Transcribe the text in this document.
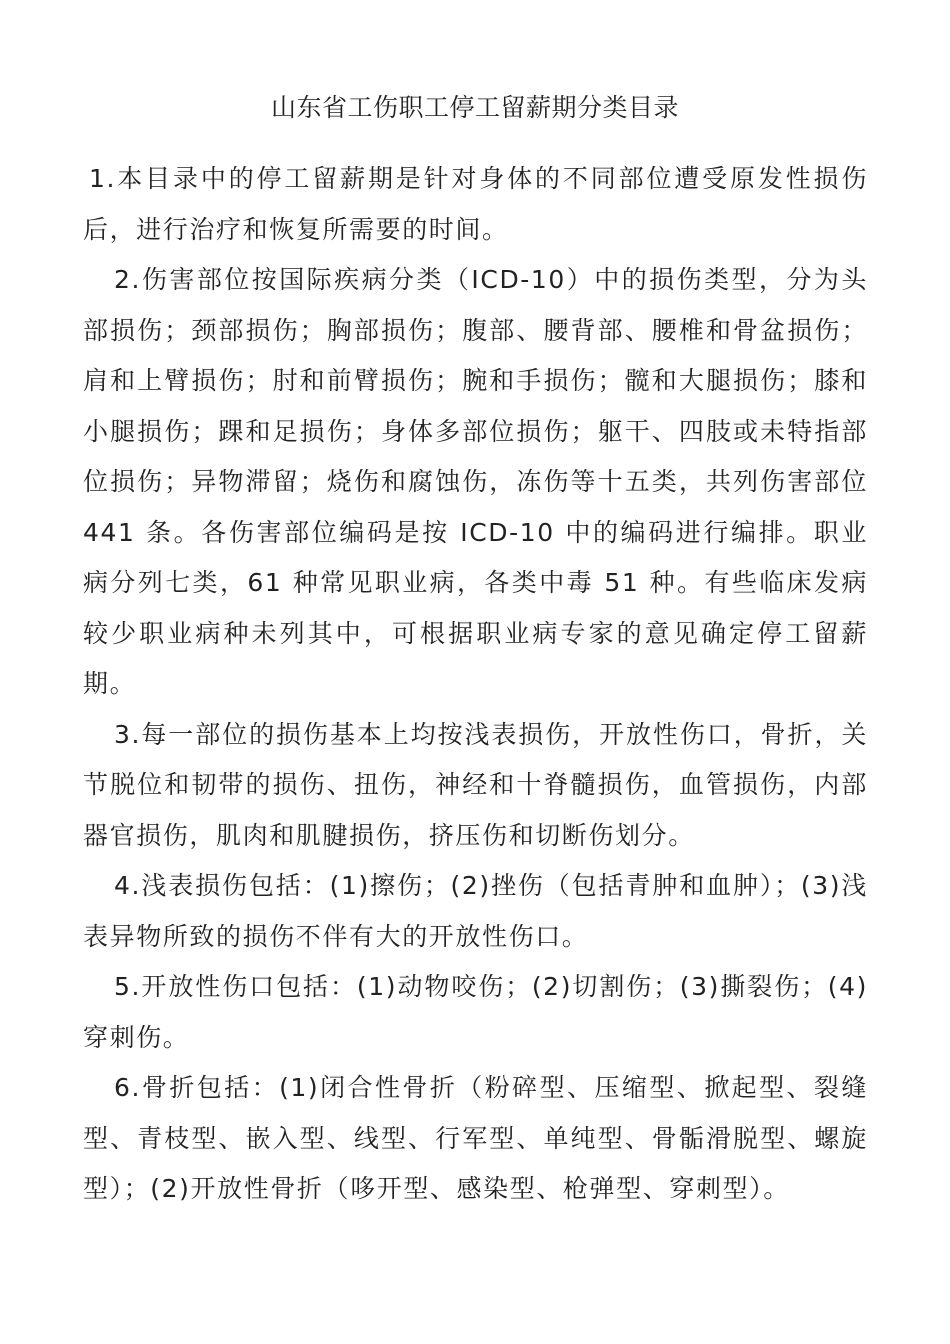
山东省工伤职工停工留薪期分类目录

1.本目录中的停工留薪期是针对身体的不同部位遭受原发性损伤后，进行治疗和恢复所需要的时间。

2.伤害部位按国际疾病分类（ICD-10）中的损伤类型，分为头部损伤；颈部损伤；胸部损伤；腹部、腰背部、腰椎和骨盆损伤；肩和上臂损伤；肘和前臂损伤；腕和手损伤；髋和大腿损伤；膝和小腿损伤；踝和足损伤；身体多部位损伤；躯干、四肢或未特指部位损伤；异物滞留；烧伤和腐蚀伤，冻伤等十五类，共列伤害部位 441 条。各伤害部位编码是按 ICD-10 中的编码进行编排。职业病分列七类，61 种常见职业病，各类中毒 51 种。有些临床发病较少职业病种未列其中，可根据职业病专家的意见确定停工留薪期。

3.每一部位的损伤基本上均按浅表损伤，开放性伤口，骨折，关节脱位和韧带的损伤、扭伤，神经和十脊髓损伤，血管损伤，内部器官损伤，肌肉和肌腱损伤，挤压伤和切断伤划分。

4.浅表损伤包括：(1)擦伤；(2)挫伤（包括青肿和血肿）；(3)浅表异物所致的损伤不伴有大的开放性伤口。

5.开放性伤口包括：(1)动物咬伤；(2)切割伤；(3)撕裂伤；(4)穿刺伤。

6.骨折包括：(1)闭合性骨折（粉碎型、压缩型、掀起型、裂缝型、青枝型、嵌入型、线型、行军型、单纯型、骨骺滑脱型、螺旋型）；(2)开放性骨折（哆开型、感染型、枪弹型、穿刺型）。
